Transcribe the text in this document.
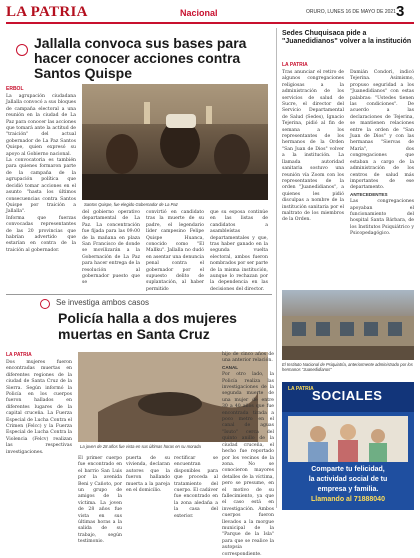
LA PATRIA	Nacional	ORURO, LUNES 16 DE MAYO DE 2021 3
Jallalla convoca sus bases para hacer conocer acciones contra Santos Quispe
ERBOL
La agrupación ciudadana Jallalla convocó a sus bloques de campaña electoral a una reunión en la ciudad de La Paz para conocer las acciones que tomará ante la actitud de "traición" del actual gobernador de La Paz Santos Quispe, quien expresó su apoyo al Gobierno nacional.
La convocatoria es también para quienes formaron parte de la campaña de la agrupación política que decidió tomar acciones en el asunto "hasta los últimos consecuencias contra Santos Quispe por traición a Jallalla".
Informa que fuerzas convocadas representantes de las 20 provincias que habrían advertido que estarían en contra de la traición al gobernador.
Santos Quispe, fue elegido Gobernador de La Paz
del gobierno operativo departamental de La Paz. La concentración fue fijada para las 09:00 de la mañana en plaza San Francisco de donde se movilizarán a la Gobernación de La Paz para hacer entrega de la resolución al gobernador puesto que se
convirtió en candidato tras la muerte de su padre, el legendario líder campesino Felipe Quispe Huanca, conocido como "El Mallku". Jallalla no dudó en asentar una denuncia penal contra el gobernador por el supuesto delito de suplantación, al haber permitido
que su esposa continúe en las listas de candidatos a asambleístas departamentales y que, tras haber ganado en la segunda vuelta electoral, ambos fueron nombrados por ser parte de la misma institución, aunque lo rechazan por la dependencia en las decisiones del director.
Sedes Chuquisaca pide a "Juanedidianos" volver a la institución
LA PATRIA
Tras anunciar el retiro de algunos congregaciones religiosas a la administración de los servicios de salud de Sucre, el director del Servicio Departamental de Salud (Sedes), Ignacio Tejerina, pidió al fin de semana a los representantes de los hermanos de la Orden "San Juan de Dios" volver a la institución. La llamada autoridad sanitaria sostuvo una reunión vía Zoom con los representantes de la orden "Juanedidianos", a quienes les pidió disculpas a nombre de la institución sanitaria por el maltrato de los miembros de la Orden.
Damián Condori, indicó Tejerina. Asimismo, propuso seguridad a los "Juanedidianos" con estas palabras: "Ustedes tienen las condiciones". De acuerdo a las declaraciones de Tejerina, se mantienen relaciones entre la orden de "San Juan de Dios" y con las hermanas "Siervas de María", dos congregaciones que estaban a cargo de la administración de los centros de salud más importantes de ese departamento.
ANTECEDENTES
Las congregaciones apoyaban el funcionamiento del hospital Santa Bárbara, de los Institutos Psiquiátrico y Psicopedagógico.
El Instituto Nacional de Psiquiatría, anteriormente administrado por los hermanos "Juanedidianos"
Se investiga ambos casos
Policía halla a dos mujeres muertas en Santa Cruz
LA PATRIA
Dos mujeres fueron encontradas muertas en diferentes regiones de la ciudad de Santa Cruz de la Sierra. Según informó la Policía en los cuerpos fueron hallados en diferentes lugares de la capital cruceña. La Fuerza Especial de Lucha Contra el Crimen (Felcc) y la Fuerza Especial de Lucha Contra la Violencia (Felcv) realizan las respectivas investigaciones.
La joven de 28 años fue vista en sus últimas horas en su morada
El primer cuerpo fue encontrado en el barrio San Luis por la avenida Beni y Cañoto, por un grupo de amigos de la víctima. La joven de 28 años fue vista en sus últimas horas a la salida de su trabajo, según testimonio.
puerta de su vivienda, declaran autores que la fueron hallando muerta a la pareja en el domicilio.
rectificar se encuentran disponibles para que proceda al tratamiento del cuerpo. El cadáver fue encontrado en la zona aledaña a la casa del exterior.
hijo de cinco años de una anterior relación.
CANAL
Por otro lado, la Policía realiza las investigaciones de la segunda muerte de una mujer de entre 30 a 40 años que fue encontrada tirada a poco metro en el canal de aguas "Isuto" cerca del quinto anillo de la ciudad cruceña, el hecho fue reportado por los vecinos de la zona.	No se conocieron mayores detalles de la víctima, pero se presume, en el motivo de su fallecimiento, ya que el caso está en investigación. Ambos cuerpos fueron llevados a la morgue municipal de la "Parque de la Isla" para que se realice la autopsia correspondiente.
LA PATRIA
SOCIALES
Comparte tu felicidad,
la actividad social de tu
empresa y familia.
Llamando al 71888040
